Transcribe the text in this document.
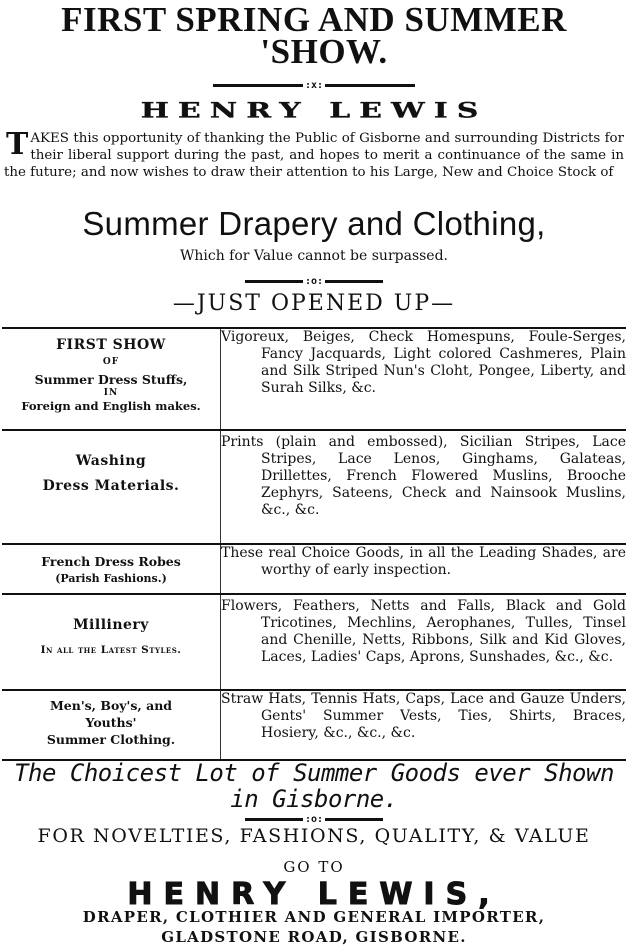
FIRST SPRING AND SUMMER
'SHOW.
:x:
HENRY LEWIS
TAKES this opportunity of thanking the Public of Gisborne and surrounding Districts for their liberal support during the past, and hopes to merit a continuance of the same in the future; and now wishes to draw their attention to his Large, New and Choice Stock of
Summer Drapery and Clothing,
Which for Value cannot be surpassed.
:o:
—JUST OPENED UP—
FIRST SHOW
OF
Summer Dress Stuffs,
IN
Foreign and English makes.	Vigoreux, Beiges, Check Homespuns, Foule-Serges, Fancy Jacquards, Light colored Cashmeres, Plain and Silk Striped Nun's Cloht, Pongee, Liberty, and Surah Silks, &c.

Washing
Dress Materials.	Prints (plain and embossed), Sicilian Stripes, Lace Stripes, Lace Lenos, Ginghams, Galateas, Drillettes, French Flowered Muslins, Brooche Zephyrs, Sateens, Check and Nainsook Muslins, &c., &c.

French Dress Robes
(Parish Fashions.)	These real Choice Goods, in all the Leading Shades, are worthy of early inspection.

Millinery
In all the Latest Styles.	Flowers, Feathers, Netts and Falls, Black and Gold Tricotines, Mechlins, Aerophanes, Tulles, Tinsel and Chenille, Netts, Ribbons, Silk and Kid Gloves, Laces, Ladies' Caps, Aprons, Sunshades, &c., &c.

Men's, Boy's, and
Youths'
Summer Clothing.	Straw Hats, Tennis Hats, Caps, Lace and Gauze Unders, Gents' Summer Vests, Ties, Shirts, Braces, Hosiery, &c., &c., &c.
The Choicest Lot of Summer Goods ever Shown
in Gisborne.
:o:
FOR NOVELTIES, FASHIONS, QUALITY, & VALUE
GO TO
HENRY LEWIS,
DRAPER, CLOTHIER AND GENERAL IMPORTER,
GLADSTONE ROAD, GISBORNE.
